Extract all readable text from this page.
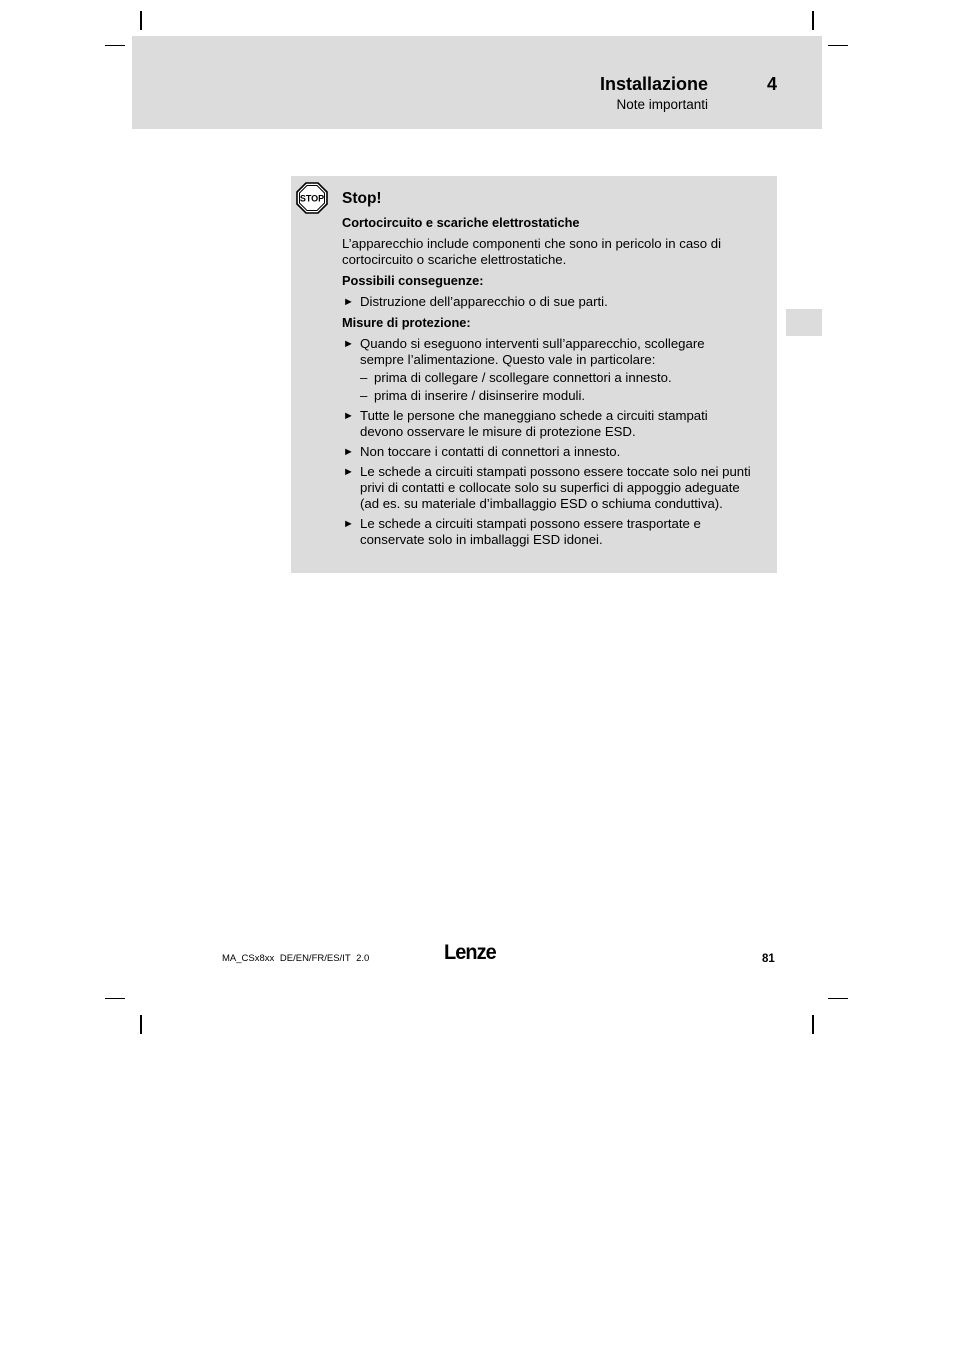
Installazione	4
Note importanti
STOP Stop!
Cortocircuito e scariche elettrostatiche
L’apparecchio include componenti che sono in pericolo in caso di cortocircuito o scariche elettrostatiche.
Possibili conseguenze:
► Distruzione dell’apparecchio o di sue parti.
Misure di protezione:
► Quando si eseguono interventi sull’apparecchio, scollegare sempre l’alimentazione. Questo vale in particolare:
– prima di collegare / scollegare connettori a innesto.
– prima di inserire / disinserire moduli.
► Tutte le persone che maneggiano schede a circuiti stampati devono osservare le misure di protezione ESD.
► Non toccare i contatti di connettori a innesto.
► Le schede a circuiti stampati possono essere toccate solo nei punti privi di contatti e collocate solo su superfici di appoggio adeguate (ad es. su materiale d’imballaggio ESD o schiuma conduttiva).
► Le schede a circuiti stampati possono essere trasportate e conservate solo in imballaggi ESD idonei.
MA_CSx8xx DE/EN/FR/ES/IT 2.0	Lenze	81
